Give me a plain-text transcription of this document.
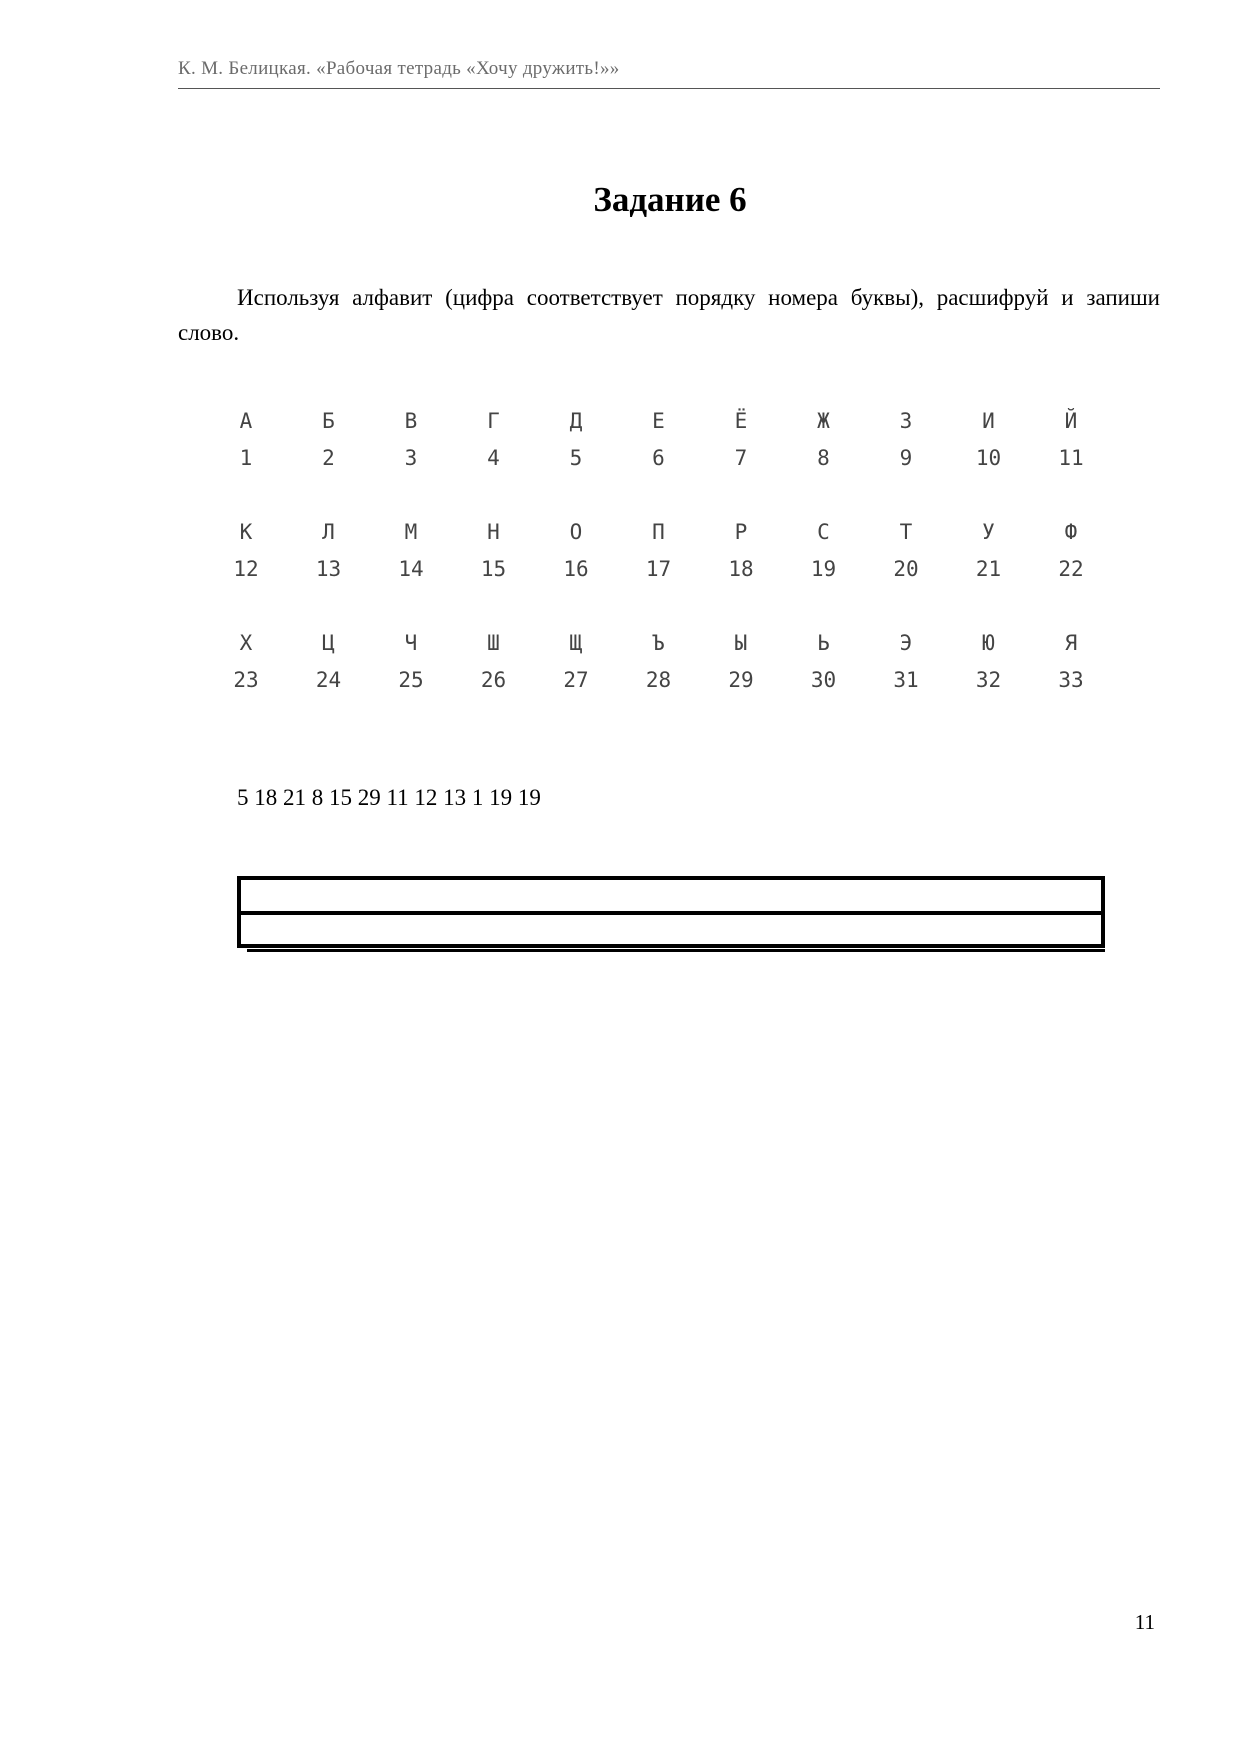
К. М. Белицкая. «Рабочая тетрадь «Хочу дружить!»»
Задание 6
Используя алфавит (цифра соответствует порядку номера буквы), расшифруй и запиши слово.
А
1
Б
2
В
3
Г
4
Д
5
Е
6
Ё
7
Ж
8
З
9
И
10
Й
11
К
12
Л
13
М
14
Н
15
О
16
П
17
Р
18
С
19
Т
20
У
21
Ф
22
Х
23
Ц
24
Ч
25
Ш
26
Щ
27
Ъ
28
Ы
29
Ь
30
Э
31
Ю
32
Я
33
5 18 21 8 15 29 11 12 13 1 19 19
11
